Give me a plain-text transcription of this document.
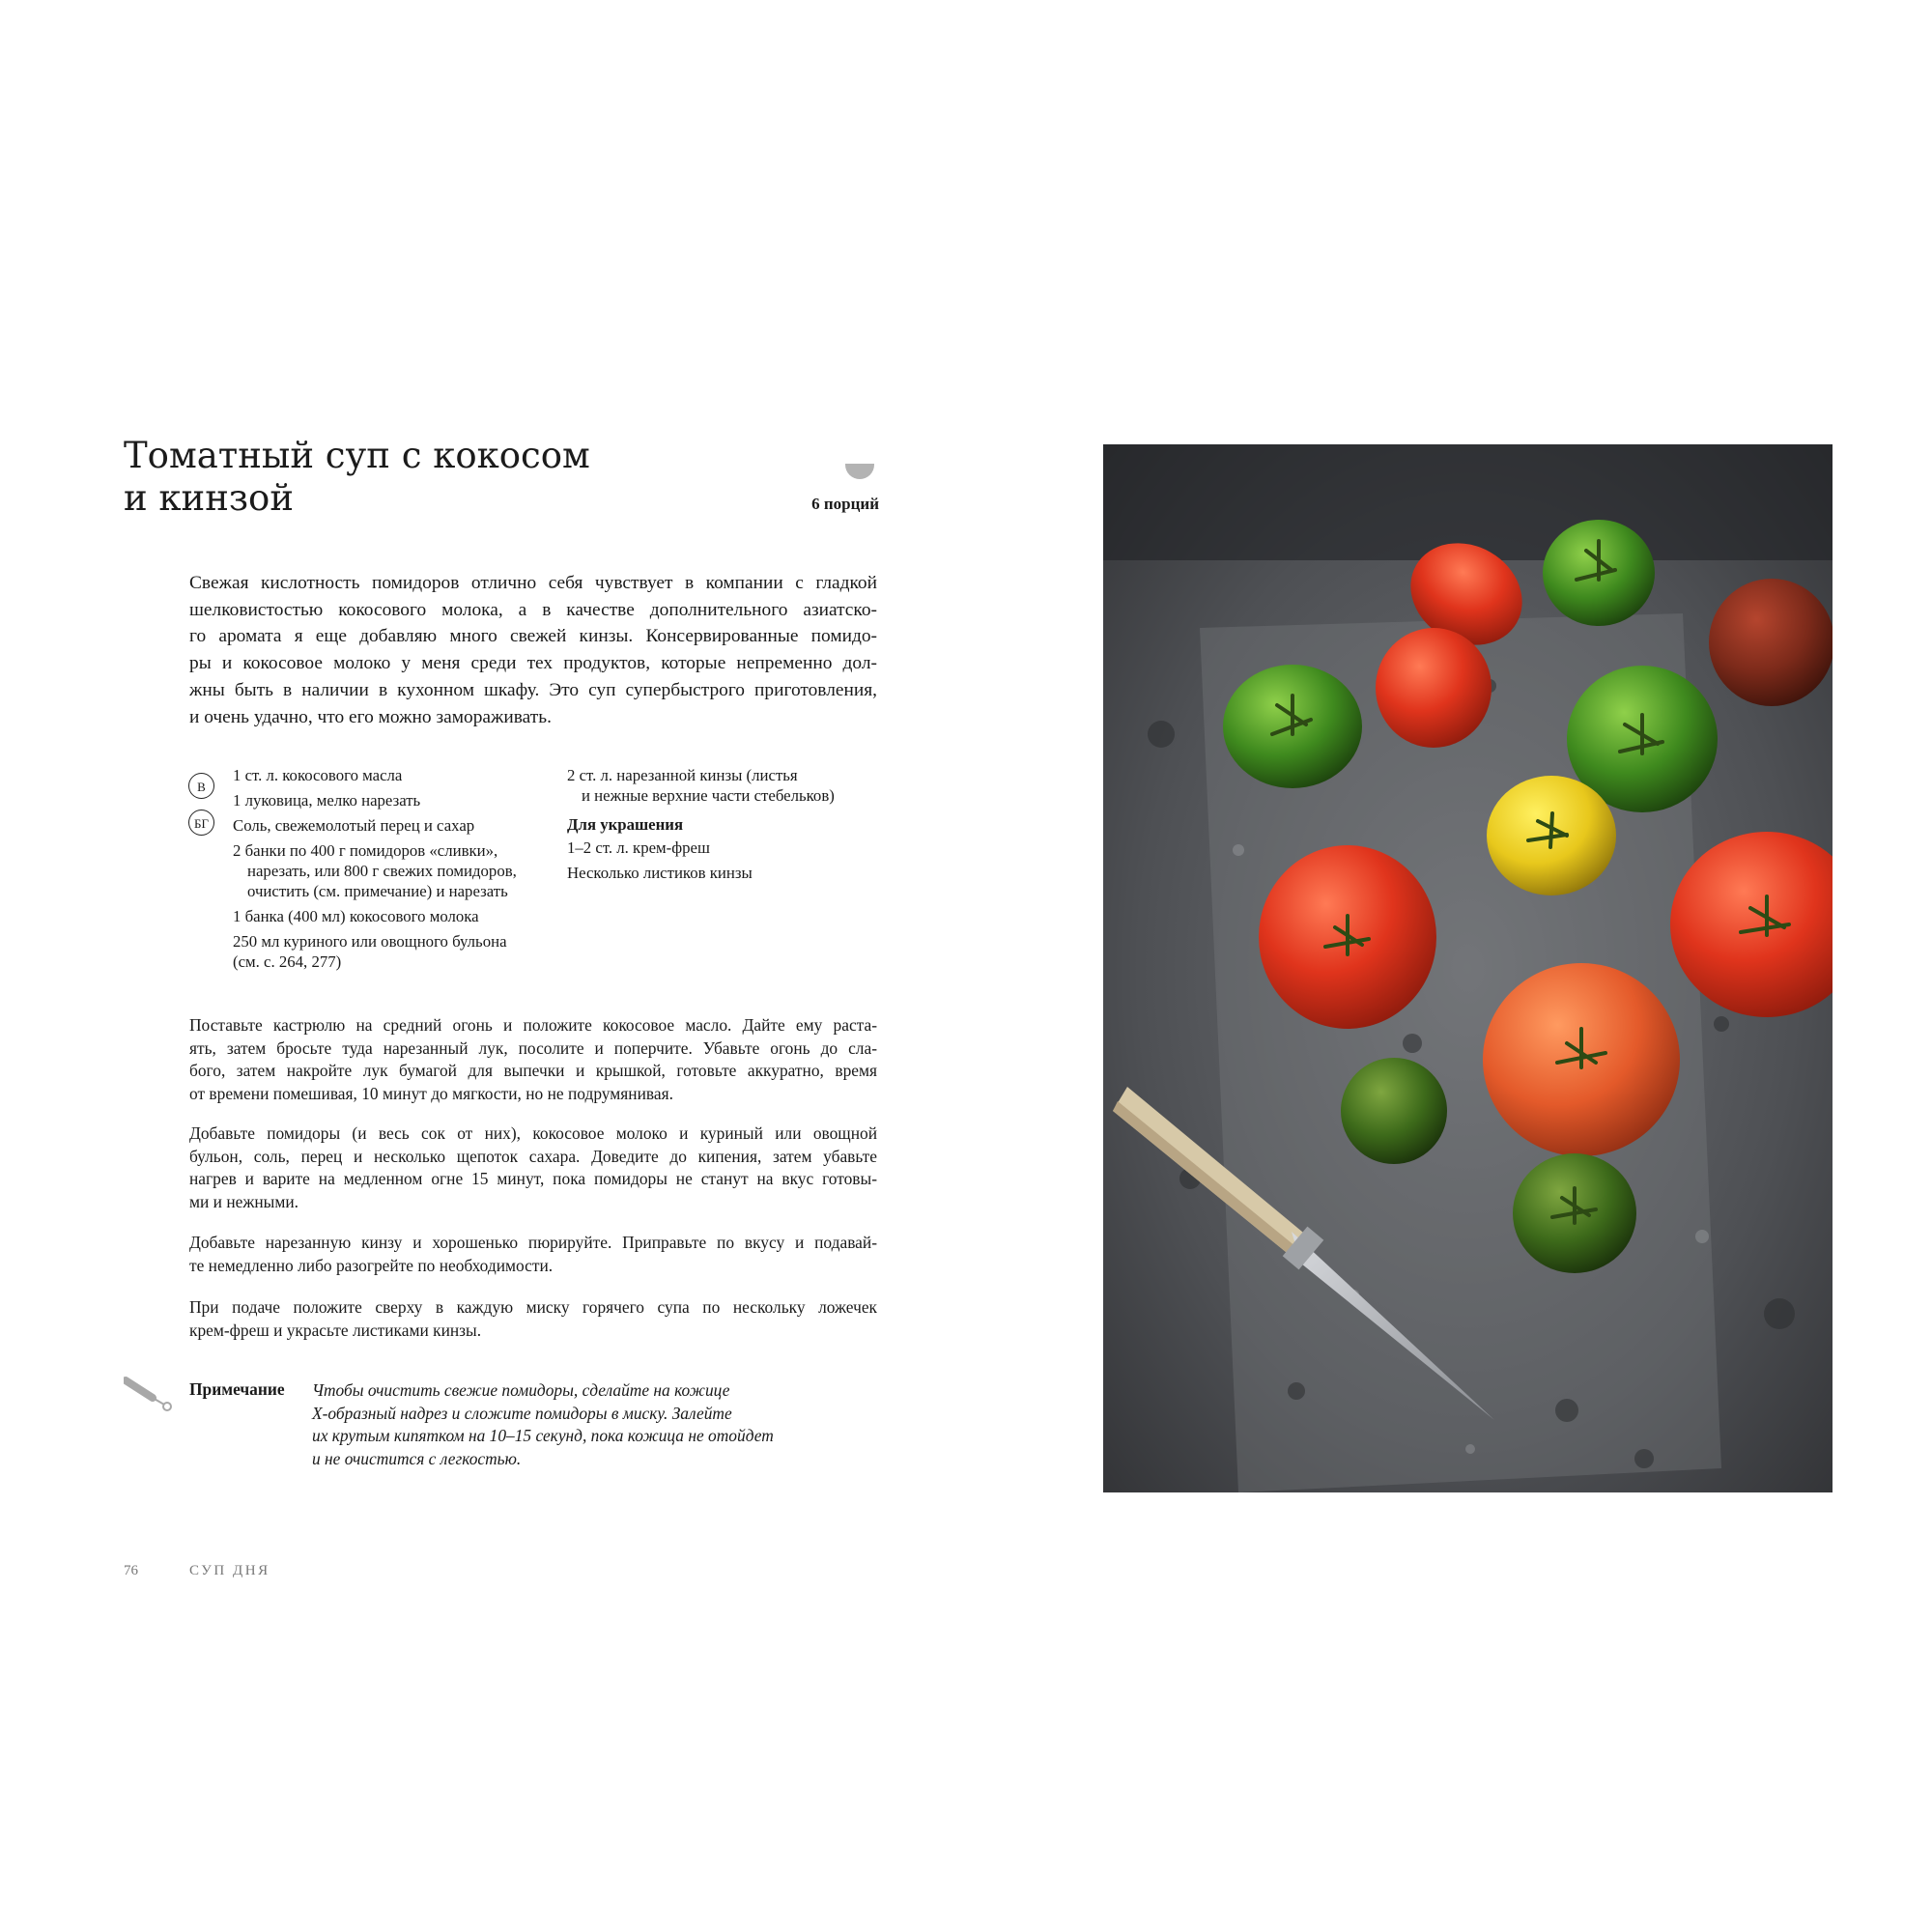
Томатный суп с кокосом
и кинзой	6 порций
Свежая кислотность помидоров отлично себя чувствует в компании с гладкой
шелковистостью кокосового молока, а в качестве дополнительного азиатско-
го аромата я еще добавляю много свежей кинзы. Консервированные помидо-
ры и кокосовое молоко у меня среди тех продуктов, которые непременно дол-
жны быть в наличии в кухонном шкафу. Это суп супербыстрого приготовления,
и очень удачно, что его можно замораживать.
В
БГ
1 ст. л. кокосового масла
1 луковица, мелко нарезать
Соль, свежемолотый перец и сахар
2 банки по 400 г помидоров «сливки»,
нарезать, или 800 г свежих помидоров,
очистить (см. примечание) и нарезать
1 банка (400 мл) кокосового молока
250 мл куриного или овощного бульона
(см. с. 264, 277)
2 ст. л. нарезанной кинзы (листья
и нежные верхние части стебельков)
Для украшения
1–2 ст. л. крем-фреш
Несколько листиков кинзы
Поставьте кастрюлю на средний огонь и положите кокосовое масло. Дайте ему раста-
ять, затем бросьте туда нарезанный лук, посолите и поперчите. Убавьте огонь до сла-
бого, затем накройте лук бумагой для выпечки и крышкой, готовьте аккуратно, время
от времени помешивая, 10 минут до мягкости, но не подрумянивая.
Добавьте помидоры (и весь сок от них), кокосовое молоко и куриный или овощной
бульон, соль, перец и несколько щепоток сахара. Доведите до кипения, затем убавьте
нагрев и варите на медленном огне 15 минут, пока помидоры не станут на вкус готовы-
ми и нежными.
Добавьте нарезанную кинзу и хорошенько пюрируйте. Приправьте по вкусу и подавай-
те немедленно либо разогрейте по необходимости.
При подаче положите сверху в каждую миску горячего супа по нескольку ложечек
крем-фреш и украсьте листиками кинзы.
Примечание Чтобы очистить свежие помидоры, сделайте на кожице
Х-образный надрез и сложите помидоры в миску. Залейте
их крутым кипятком на 10–15 секунд, пока кожица не отойдет
и не очистится с легкостью.
76	СУП ДНЯ
